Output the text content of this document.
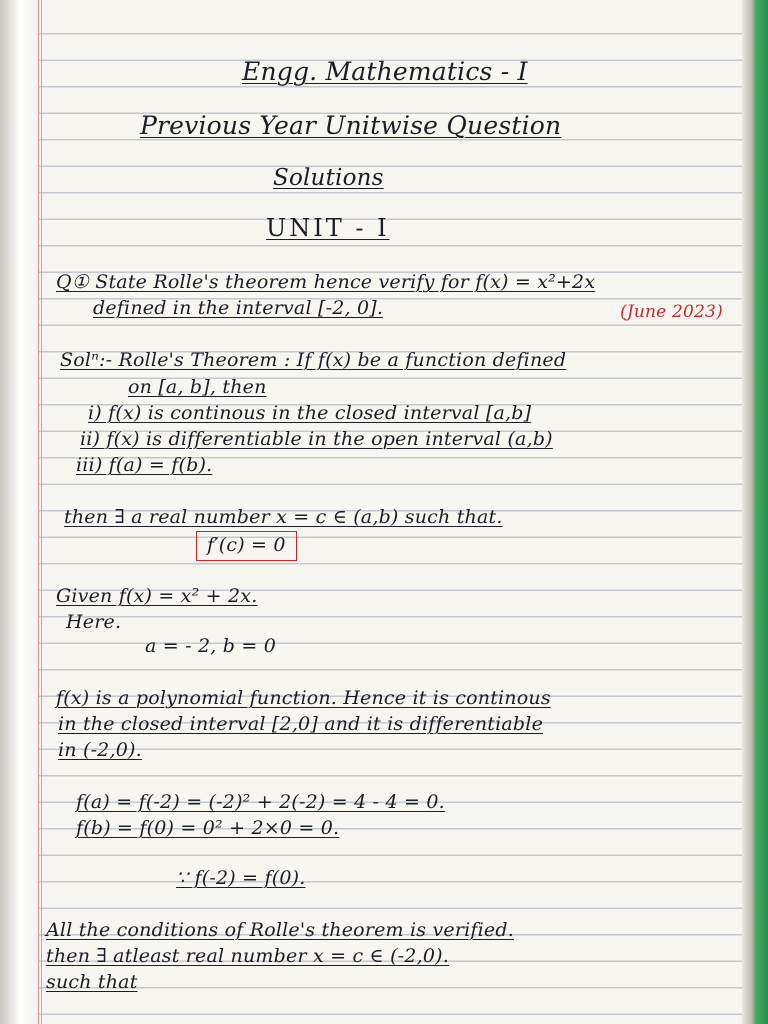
Engg. Mathematics - I
Previous Year Unitwise Question
Solutions
UNIT - I
Q① State Rolle's theorem hence verify for f(x) = x²+2x
defined in the interval [-2, 0].	(June 2023)
Solⁿ:- Rolle's Theorem : If f(x) be a function defined
on [a, b], then
i) f(x) is continous in the closed interval [a,b]
ii) f(x) is differentiable in the open interval (a,b)
iii) f(a) = f(b).
then ∃ a real number x = c ∈ (a,b) such that.
f′(c) = 0
Given f(x) = x² + 2x.
Here.
a = - 2, b = 0
f(x) is a polynomial function. Hence it is continous
in the closed interval [2,0] and it is differentiable
in (-2,0).
f(a) = f(-2) = (-2)² + 2(-2) = 4 - 4 = 0.
f(b) = f(0) = 0² + 2×0 = 0.
∵ f(-2) = f(0).
All the conditions of Rolle's theorem is verified.
then ∃ atleast real number x = c ∈ (-2,0).
such that
